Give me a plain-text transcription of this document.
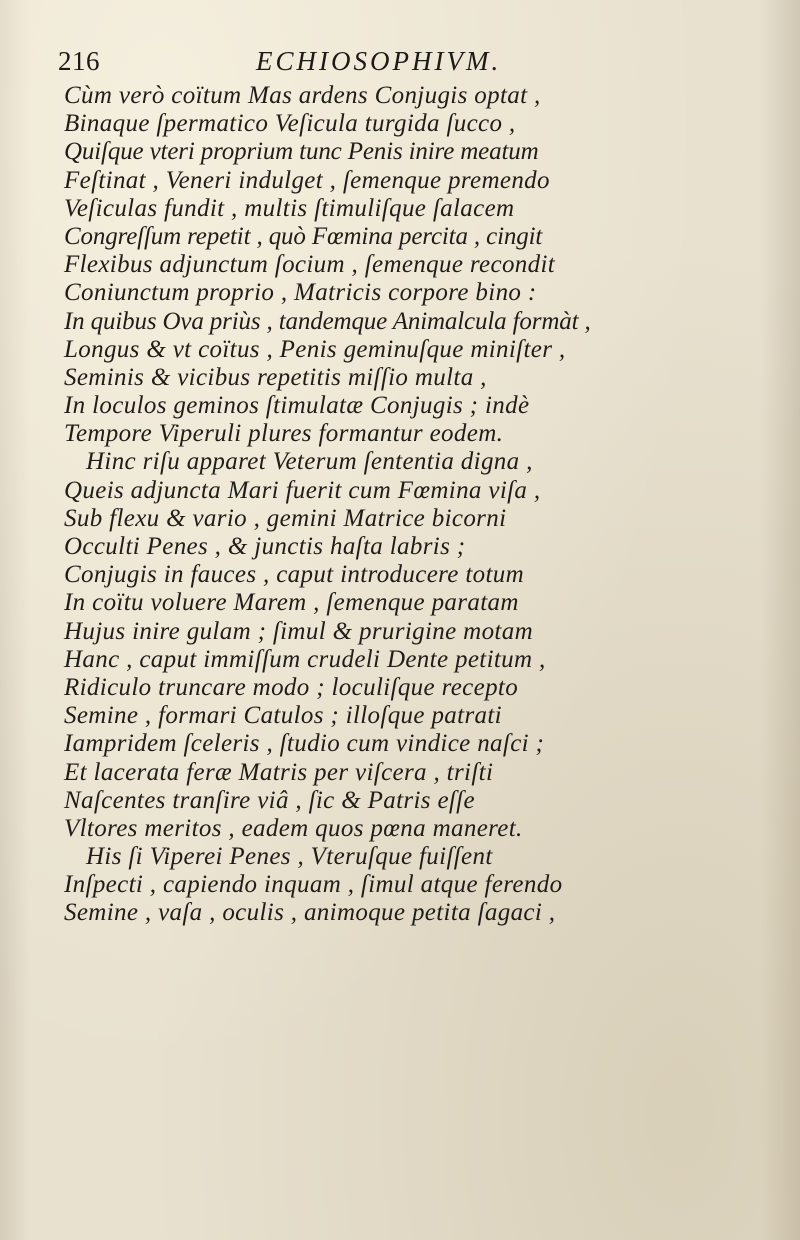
216	ECHIOSOPHIVM.
Cùm verò coïtum Mas ardens Conjugis optat ,
Binaque ſpermatico Veſicula turgida ſucco ,
Quiſque vteri proprium tunc Penis inire meatum
Feſtinat , Veneri indulget , ſemenque premendo
Veſiculas fundit , multis ſtimuliſque ſalacem
Congreſſum repetit , quò Fœmina percita , cingit
Flexibus adjunctum ſocium , ſemenque recondit
Coniunctum proprio , Matricis corpore bino :
In quibus Ova priùs , tandemque Animalcula formàt ,
Longus & vt coïtus , Penis geminuſque miniſter ,
Seminis & vicibus repetitis miſſio multa ,
In loculos geminos ſtimulatæ Conjugis ; indè
Tempore Viperuli plures formantur eodem.
Hinc riſu apparet Veterum ſententia digna ,
Queis adjuncta Mari fuerit cum Fœmina viſa ,
Sub flexu & vario , gemini Matrice bicorni
Occulti Penes , & junctis haſta labris ;
Conjugis in fauces , caput introducere totum
In coïtu voluere Marem , ſemenque paratam
Hujus inire gulam ; ſimul & prurigine motam
Hanc , caput immiſſum crudeli Dente petitum ,
Ridiculo truncare modo ; loculiſque recepto
Semine , formari Catulos ; illoſque patrati
Iampridem ſceleris , ſtudio cum vindice naſci ;
Et lacerata feræ Matris per viſcera , triſti
Naſcentes tranſire viâ , ſic & Patris eſſe
Vltores meritos , eadem quos pœna maneret.
His ſi Viperei Penes , Vteruſque fuiſſent
Inſpecti , capiendo inquam , ſimul atque ferendo
Semine , vaſa , oculis , animoque petita ſagaci ,
